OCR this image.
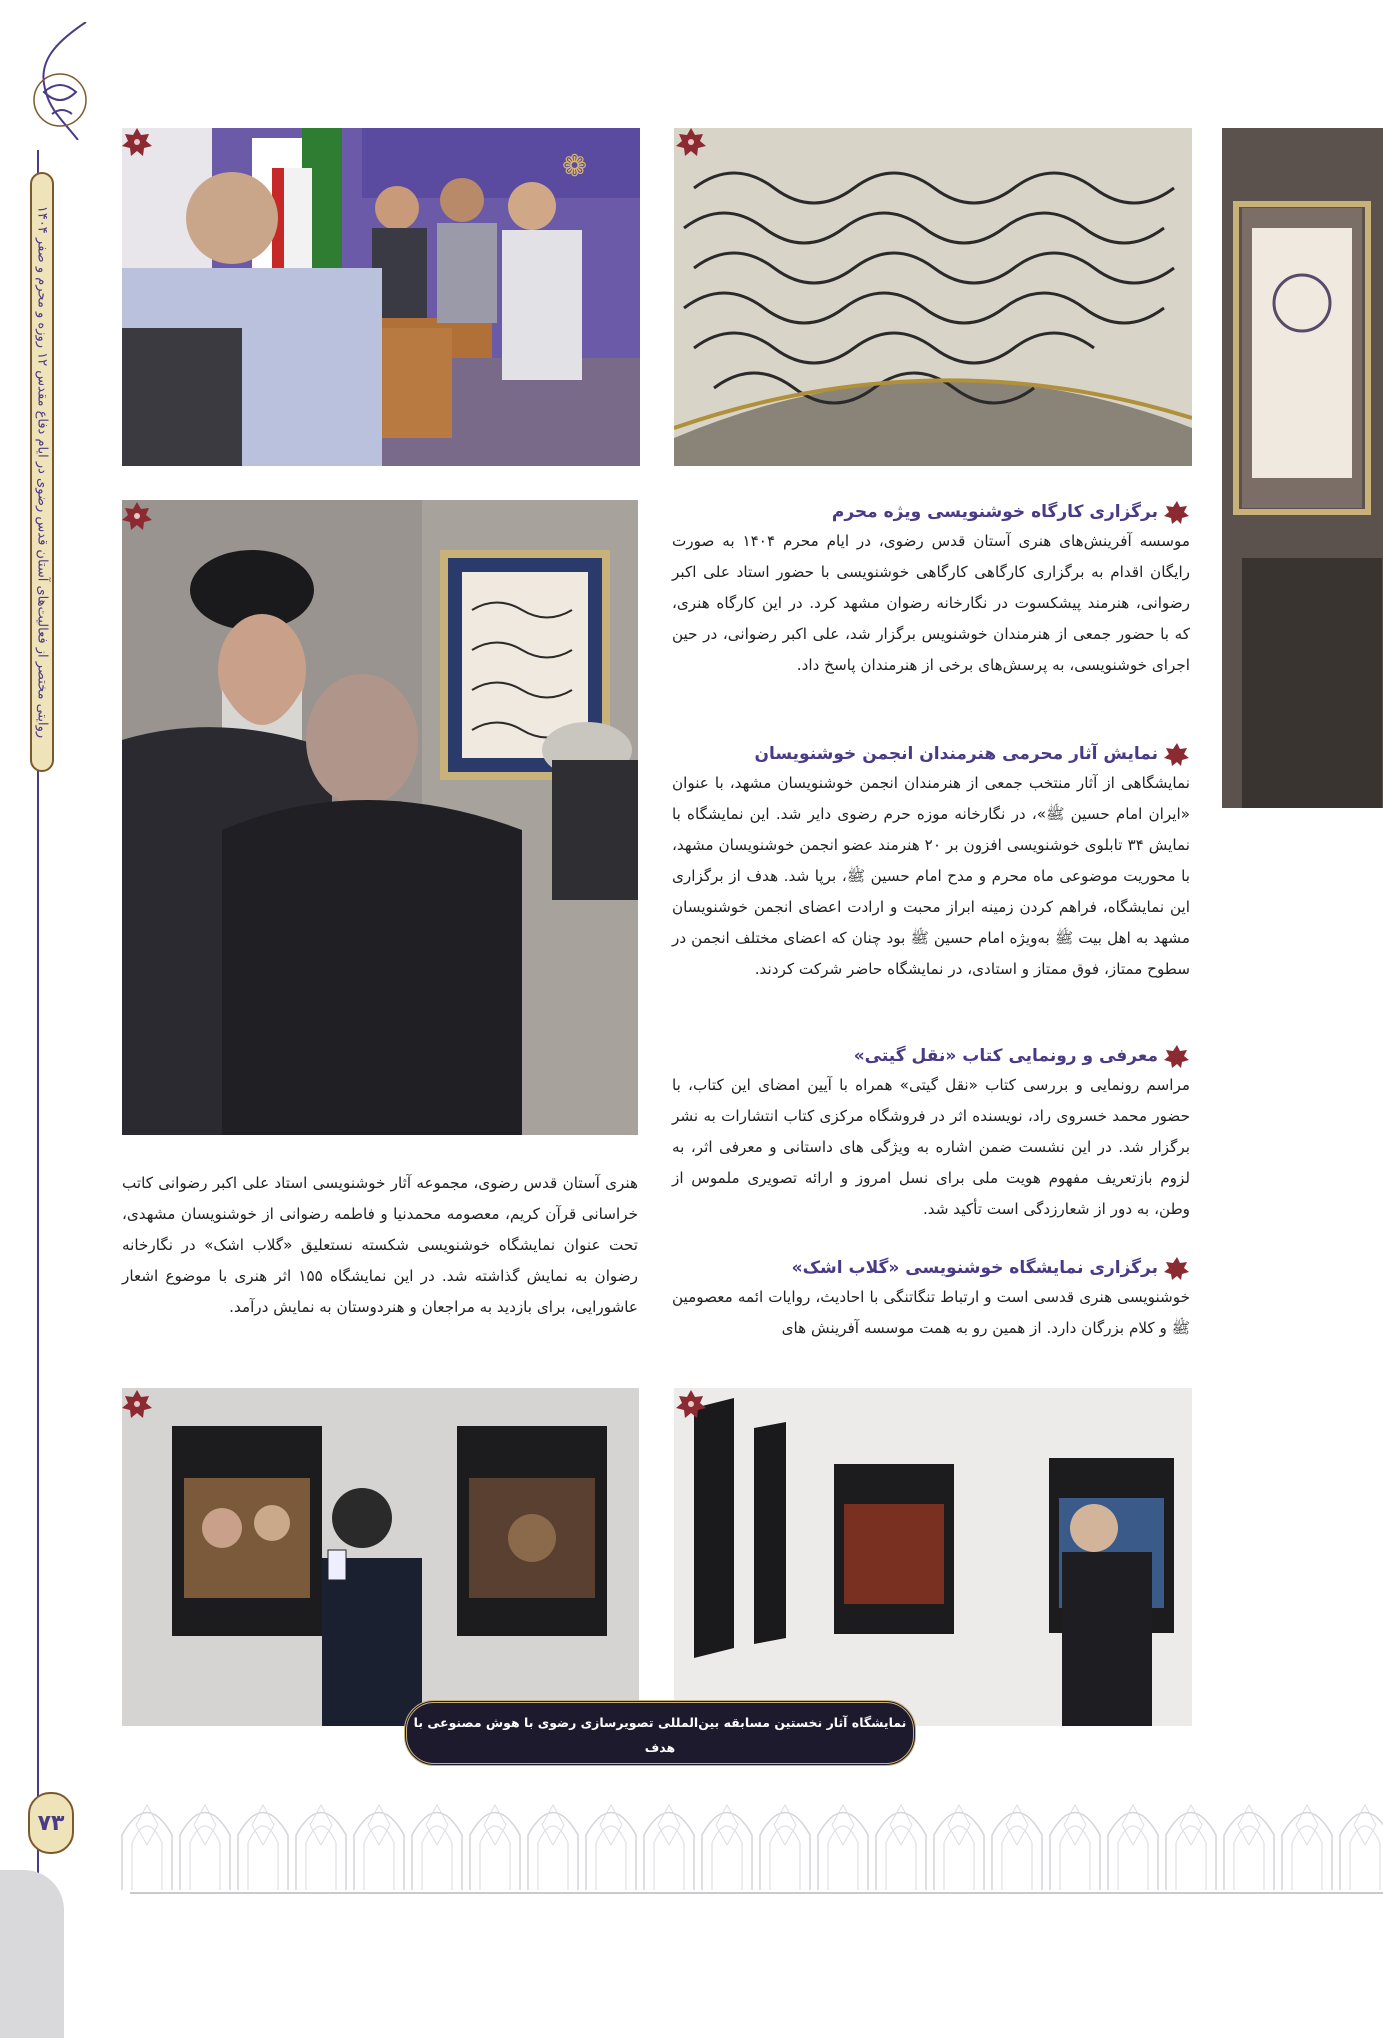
روایتی مختصر از فعالیت‌های آستان قدس رضوی در ایام دفاع مقدس ۱۲ روزه و محرم و صفر ۱۴۰۴
۷۳
❁
برگزاری کارگاه خوشنویسی ویژه محرم

موسسه آفرینش‌های هنری آستان قدس رضوی، در ایام محرم ۱۴۰۴ به صورت رایگان اقدام به برگزاری کارگاهی کارگاهی خوشنویسی با حضور استاد علی اکبر رضوانی، هنرمند پیشکسوت در نگارخانه رضوان مشهد کرد. در این کارگاه هنری، که با حضور جمعی از هنرمندان خوشنویس برگزار شد، علی اکبر رضوانی، در حین اجرای خوشنویسی، به پرسش‌های برخی از هنرمندان پاسخ داد.

نمایش آثار محرمی هنرمندان انجمن خوشنویسان

نمایشگاهی از آثار منتخب جمعی از هنرمندان انجمن خوشنویسان مشهد، با عنوان «ایران امام حسین ﷺ»، در نگارخانه موزه حرم رضوی دایر شد. این نمایشگاه با نمایش ۳۴ تابلوی خوشنویسی افزون بر ۲۰ هنرمند عضو انجمن خوشنویسان مشهد، با محوریت موضوعی ماه محرم و مدح امام حسین ﷺ، برپا شد. هدف از برگزاری این نمایشگاه، فراهم کردن زمینه ابراز محبت و ارادت اعضای انجمن خوشنویسان مشهد به اهل بیت ﷺ به‌ویژه امام حسین ﷺ بود چنان که اعضای مختلف انجمن در سطوح ممتاز، فوق ممتاز و استادی، در نمایشگاه حاضر شرکت کردند.

معرفی و رونمایی کتاب «نقل گیتی»

مراسم رونمایی و بررسی کتاب «نقل گیتی» همراه با آیین امضای این کتاب، با حضور محمد خسروی راد، نویسنده اثر در فروشگاه مرکزی کتاب انتشارات به نشر برگزار شد. در این نشست ضمن اشاره به ویژگی های داستانی و معرفی اثر، به لزوم بازتعریف مفهوم هویت ملی برای نسل امروز و ارائه تصویری ملموس از وطن، به دور از شعارزدگی است تأکید شد.

برگزاری نمایشگاه خوشنویسی «گلاب اشک»

خوشنویسی هنری قدسی است و ارتباط تنگاتنگی با احادیث، روایات ائمه معصومین ﷺ و کلام بزرگان دارد. از همین رو به همت موسسه آفرینش های

هنری آستان قدس رضوی، مجموعه آثار خوشنویسی استاد علی اکبر رضوانی کاتب خراسانی قرآن کریم، معصومه محمدنیا و فاطمه رضوانی از خوشنویسان مشهدی، تحت عنوان نمایشگاه خوشنویسی شکسته نستعلیق «گلاب اشک» در نگارخانه رضوان به نمایش گذاشته شد. در این نمایشگاه ۱۵۵ اثر هنری با موضوع اشعار عاشورایی، برای بازدید به مراجعان و هنردوستان به نمایش درآمد.

نمایشگاه آثار نخستین مسابقه بین‌المللی تصویرسازی رضوی با هوش مصنوعی با هدف
ترویج و توسعه هنر نوین در راستای تعمیق شناخت و ترویج فرهنگ و معارف رضوی
